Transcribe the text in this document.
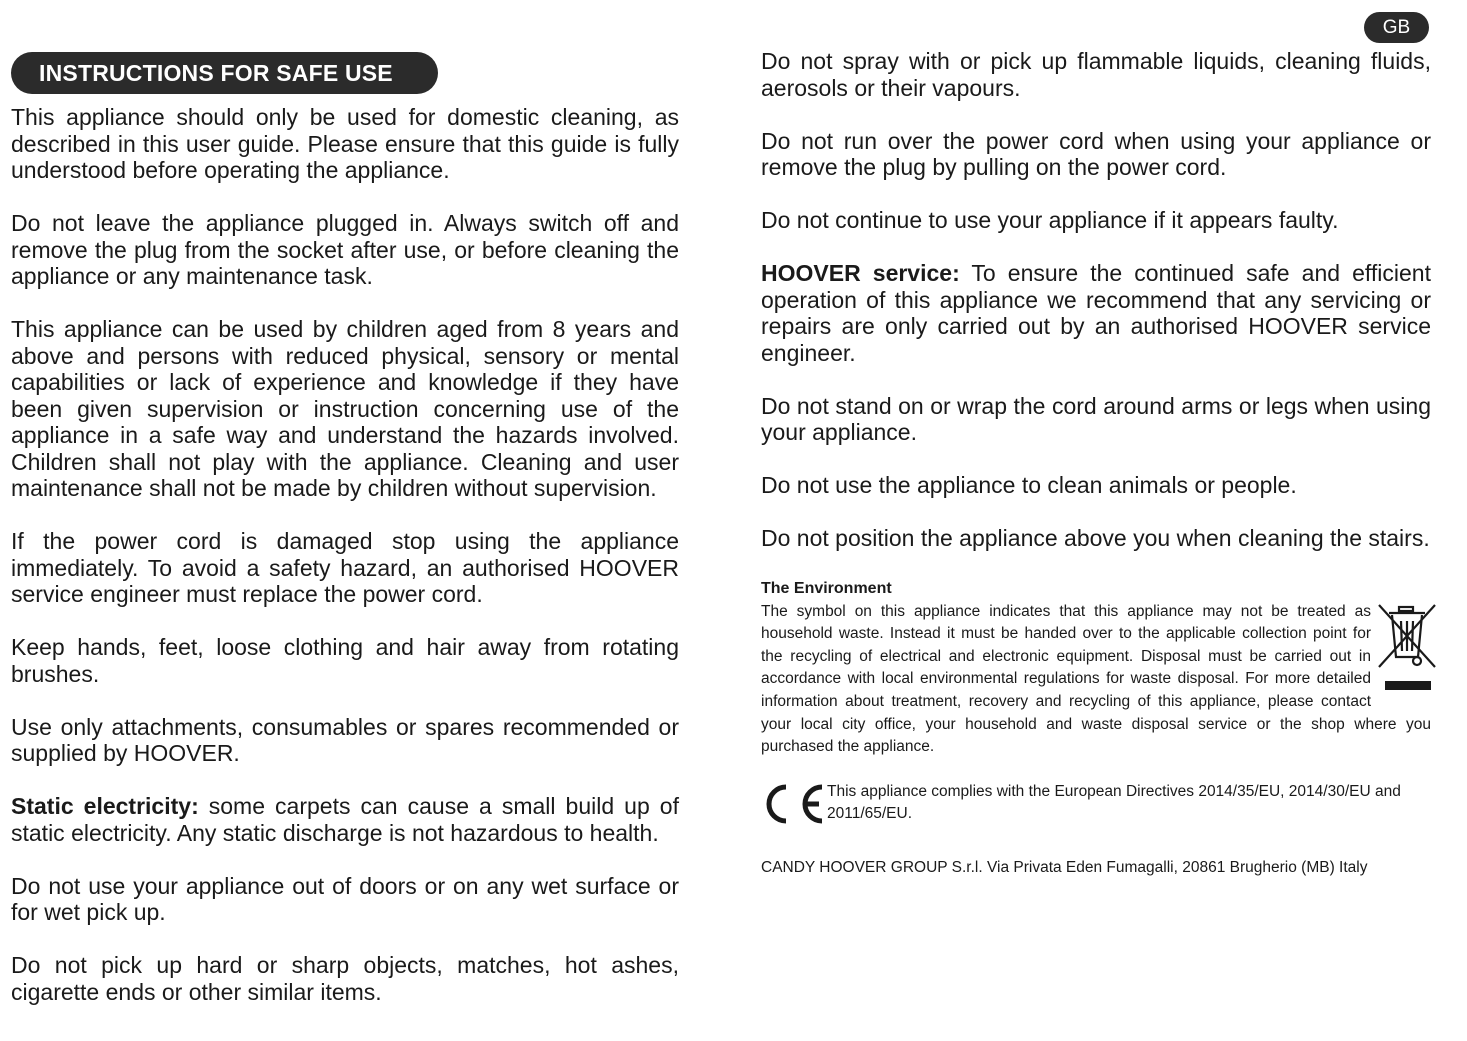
INSTRUCTIONS FOR SAFE USE
GB

This appliance should only be used for domestic cleaning, as described in this user guide. Please ensure that this guide is fully understood before operating the appliance.

Do not leave the appliance plugged in. Always switch off and remove the plug from the socket after use, or before cleaning the appliance or any maintenance task.

This appliance can be used by children aged from 8 years and above and persons with reduced physical, sensory or mental capabilities or lack of experience and knowledge if they have been given supervision or instruction concerning use of the appliance in a safe way and understand the hazards involved. Children shall not play with the appliance. Cleaning and user maintenance shall not be made by children without supervision.

If the power cord is damaged stop using the appliance immediately. To avoid a safety hazard, an authorised HOOVER service engineer must replace the power cord.

Keep hands, feet, loose clothing and hair away from rotating brushes.

Use only attachments, consumables or spares recommended or supplied by HOOVER.

Static electricity: some carpets can cause a small build up of static electricity. Any static discharge is not hazardous to health.

Do not use your appliance out of doors or on any wet surface or for wet pick up.

Do not pick up hard or sharp objects, matches, hot ashes, cigarette ends or other similar items.

Do not spray with or pick up flammable liquids, cleaning fluids, aerosols or their vapours.

Do not run over the power cord when using your appliance or remove the plug by pulling on the power cord.

Do not continue to use your appliance if it appears faulty.

HOOVER service: To ensure the continued safe and efficient operation of this appliance we recommend that any servicing or repairs are only carried out by an authorised HOOVER service engineer.

Do not stand on or wrap the cord around arms or legs when using your appliance.

Do not use the appliance to clean animals or people.

Do not position the appliance above you when cleaning the stairs.

The Environment

The symbol on this appliance indicates that this appliance may not be treated as household waste. Instead it must be handed over to the applicable collection point for the recycling of electrical and electronic equipment. Disposal must be carried out in accordance with local environmental regulations for waste disposal. For more detailed information about treatment, recovery and recycling of this appliance, please contact your local city office, your household and waste disposal service or the shop where you purchased the appliance.

This appliance complies with the European Directives 2014/35/EU, 2014/30/EU and 2011/65/EU.
CANDY HOOVER GROUP S.r.l. Via Privata Eden Fumagalli, 20861 Brugherio (MB) Italy
